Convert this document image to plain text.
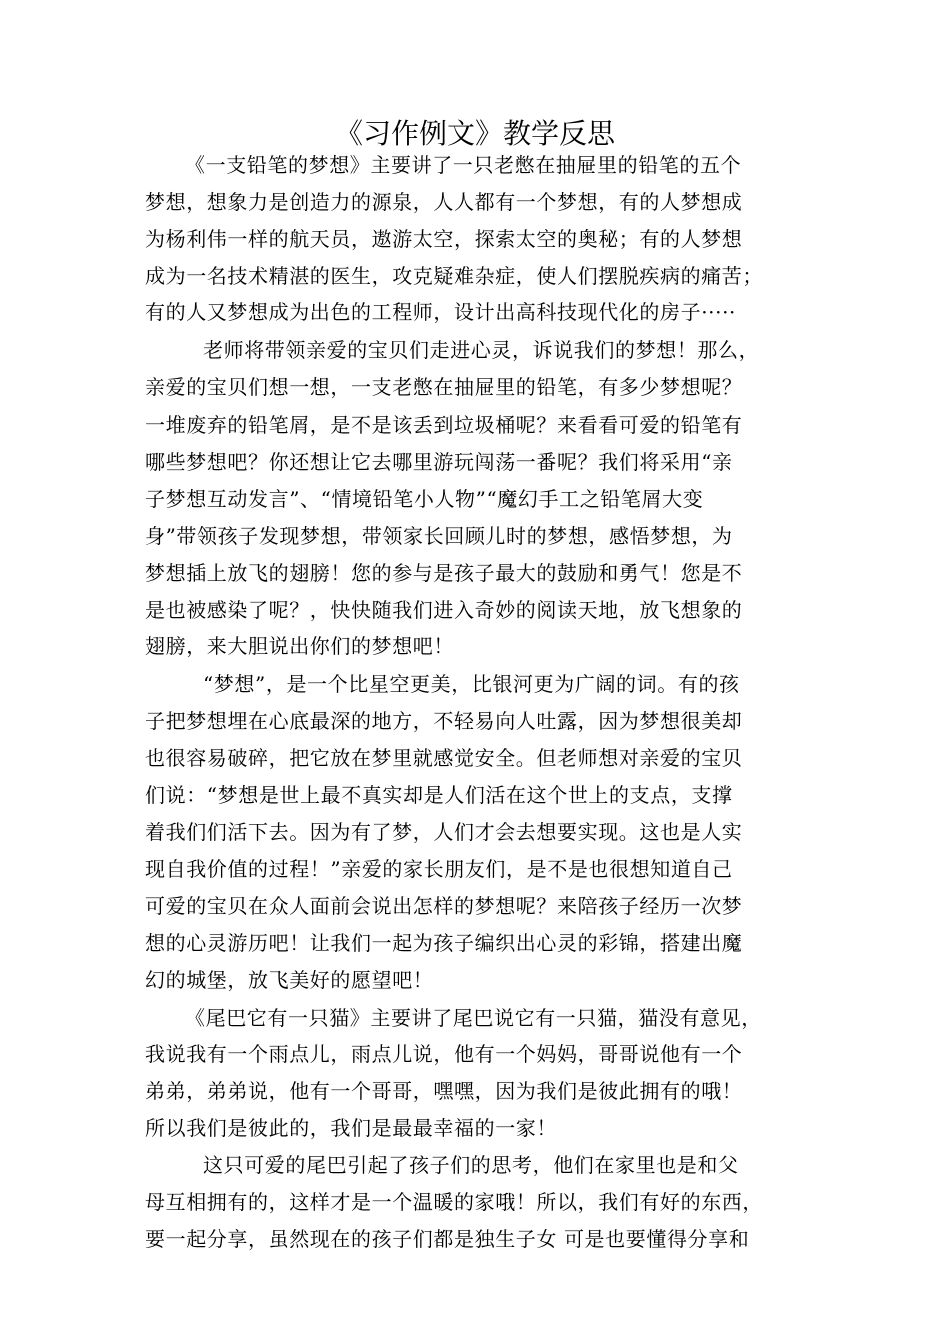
《习作例文》教学反思
《一支铅笔的梦想》主要讲了一只老憋在抽屉里的铅笔的五个
梦想，想象力是创造力的源泉，人人都有一个梦想，有的人梦想成
为杨利伟一样的航天员，遨游太空，探索太空的奥秘；有的人梦想
成为一名技术精湛的医生，攻克疑难杂症，使人们摆脱疾病的痛苦；
有的人又梦想成为出色的工程师，设计出高科技现代化的房子·····
老师将带领亲爱的宝贝们走进心灵，诉说我们的梦想！那么，
亲爱的宝贝们想一想，一支老憋在抽屉里的铅笔，有多少梦想呢？
一堆废弃的铅笔屑，是不是该丢到垃圾桶呢？来看看可爱的铅笔有
哪些梦想吧？你还想让它去哪里游玩闯荡一番呢？我们将采用“亲
子梦想互动发言”、“情境铅笔小人物”“魔幻手工之铅笔屑大变
身”带领孩子发现梦想，带领家长回顾儿时的梦想，感悟梦想，为
梦想插上放飞的翅膀！您的参与是孩子最大的鼓励和勇气！您是不
是也被感染了呢？，快快随我们进入奇妙的阅读天地，放飞想象的
翅膀，来大胆说出你们的梦想吧！
“梦想”，是一个比星空更美，比银河更为广阔的词。有的孩
子把梦想埋在心底最深的地方，不轻易向人吐露，因为梦想很美却
也很容易破碎，把它放在梦里就感觉安全。但老师想对亲爱的宝贝
们说：“梦想是世上最不真实却是人们活在这个世上的支点，支撑
着我们们活下去。因为有了梦，人们才会去想要实现。这也是人实
现自我价值的过程！”亲爱的家长朋友们，是不是也很想知道自己
可爱的宝贝在众人面前会说出怎样的梦想呢？来陪孩子经历一次梦
想的心灵游历吧！让我们一起为孩子编织出心灵的彩锦，搭建出魔
幻的城堡，放飞美好的愿望吧！
《尾巴它有一只猫》主要讲了尾巴说它有一只猫，猫没有意见，
我说我有一个雨点儿，雨点儿说，他有一个妈妈，哥哥说他有一个
弟弟，弟弟说，他有一个哥哥，嘿嘿，因为我们是彼此拥有的哦！
所以我们是彼此的，我们是最最幸福的一家！
这只可爱的尾巴引起了孩子们的思考，他们在家里也是和父
母互相拥有的，这样才是一个温暖的家哦！所以，我们有好的东西，
要一起分享，虽然现在的孩子们都是独生子女 可是也要懂得分享和
